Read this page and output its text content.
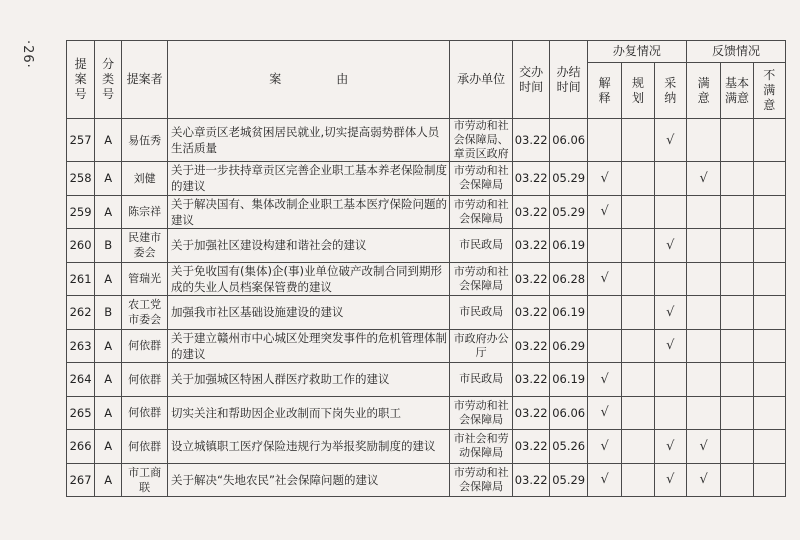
·26·	提案号	分类号	提案者	案由	承办单位	交办时间	办结时间	办复情况			反馈情况		
							解释	规划	采纳	满意	基本满意	不满意
257	A	易伍秀	关心章贡区老城贫困居民就业,切实提高弱势群体人员生活质量	市劳动和社会保障局、章贡区政府	03.22	06.06			√			
258	A	刘健	关于进一步扶持章贡区完善企业职工基本养老保险制度的建议	市劳动和社会保障局	03.22	05.29	√			√		
259	A	陈宗祥	关于解决国有、集体改制企业职工基本医疗保险问题的建议	市劳动和社会保障局	03.22	05.29	√					
260	B	民建市委会	关于加强社区建设构建和谐社会的建议	市民政局	03.22	06.19			√			
261	A	管瑞光	关于免收国有(集体)企(事)业单位破产改制合同到期形成的失业人员档案保管费的建议	市劳动和社会保障局	03.22	06.28	√					
262	B	农工党市委会	加强我市社区基础设施建设的建议	市民政局	03.22	06.19			√			
263	A	何依群	关于建立赣州市中心城区处理突发事件的危机管理体制的建议	市政府办公厅	03.22	06.29			√			
264	A	何依群	关于加强城区特困人群医疗救助工作的建议	市民政局	03.22	06.19	√					
265	A	何依群	切实关注和帮助因企业改制而下岗失业的职工	市劳动和社会保障局	03.22	06.06	√					
266	A	何依群	设立城镇职工医疗保险违规行为举报奖励制度的建议	市社会和劳动保障局	03.22	05.26	√		√	√		
267	A	市工商联	关于解决“失地农民”社会保障问题的建议	市劳动和社会保障局	03.22	05.29	√		√	√		
